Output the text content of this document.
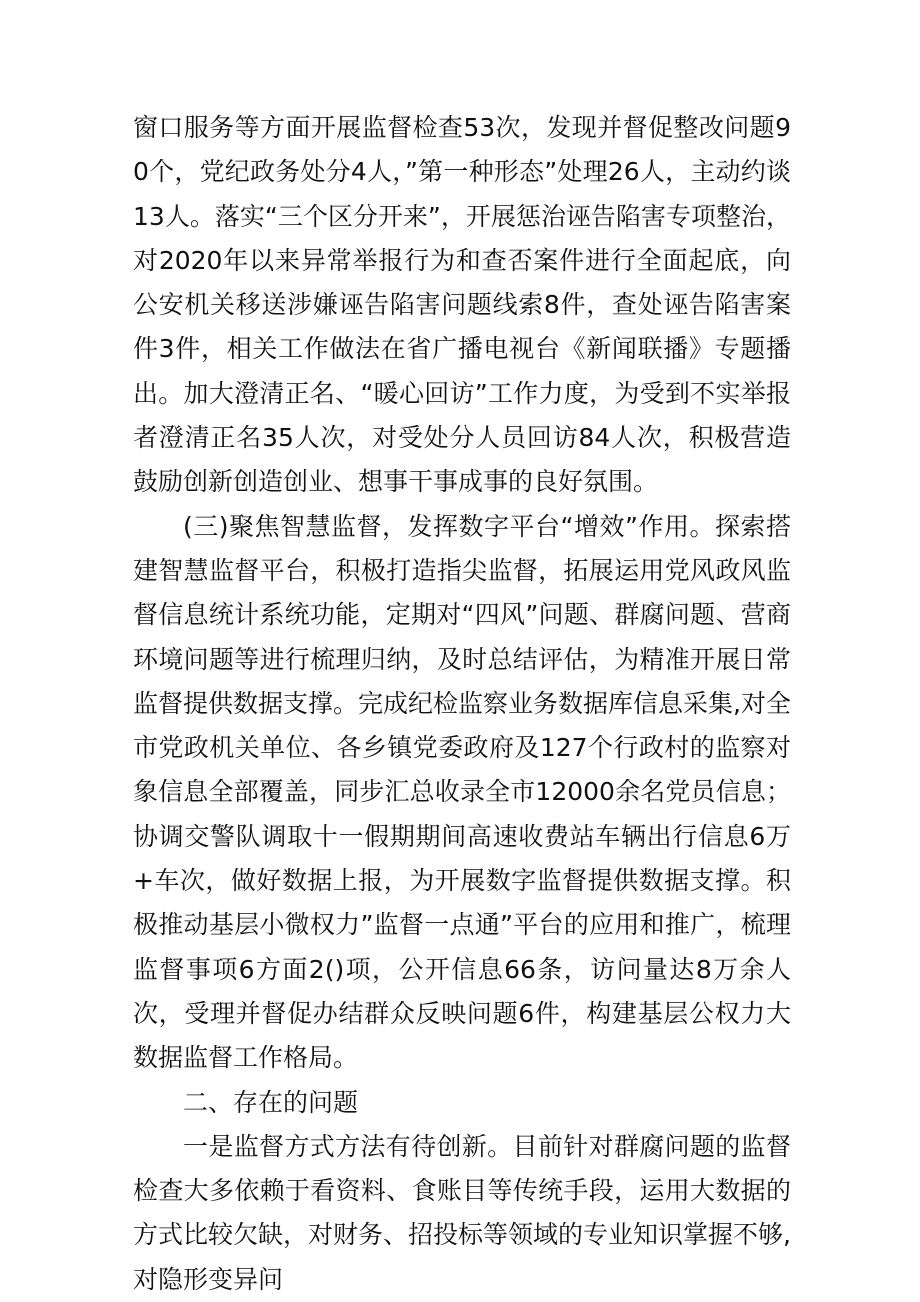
窗口服务等方面开展监督检查53次，发现并督促整改问题90个，党纪政务处分4人，”第一种形态”处理26人，主动约谈13人。落实“三个区分开来”，开展惩治诬告陷害专项整治，对2020年以来异常举报行为和查否案件进行全面起底，向公安机关移送涉嫌诬告陷害问题线索8件，查处诬告陷害案件3件，相关工作做法在省广播电视台《新闻联播》专题播出。加大澄清正名、“暖心回访”工作力度，为受到不实举报者澄清正名35人次，对受处分人员回访84人次，积极营造鼓励创新创造创业、想事干事成事的良好氛围。

(三)聚焦智慧监督，发挥数字平台“增效”作用。探索搭建智慧监督平台，积极打造指尖监督，拓展运用党风政风监督信息统计系统功能，定期对“四风”问题、群腐问题、营商环境问题等进行梳理归纳，及时总结评估，为精准开展日常监督提供数据支撑。完成纪检监察业务数据库信息采集,对全市党政机关单位、各乡镇党委政府及127个行政村的监察对象信息全部覆盖，同步汇总收录全市12000余名党员信息；协调交警队调取十一假期期间高速收费站车辆出行信息6万+车次，做好数据上报，为开展数字监督提供数据支撑。积极推动基层小微权力”监督一点通”平台的应用和推广，梳理监督事项6方面2()项，公开信息66条，访问量达8万余人次，受理并督促办结群众反映问题6件，构建基层公权力大数据监督工作格局。

二、存在的问题

一是监督方式方法有待创新。目前针对群腐问题的监督检查大多依赖于看资料、食账目等传统手段，运用大数据的方式比较欠缺，对财务、招投标等领域的专业知识掌握不够,对隐形变异问
